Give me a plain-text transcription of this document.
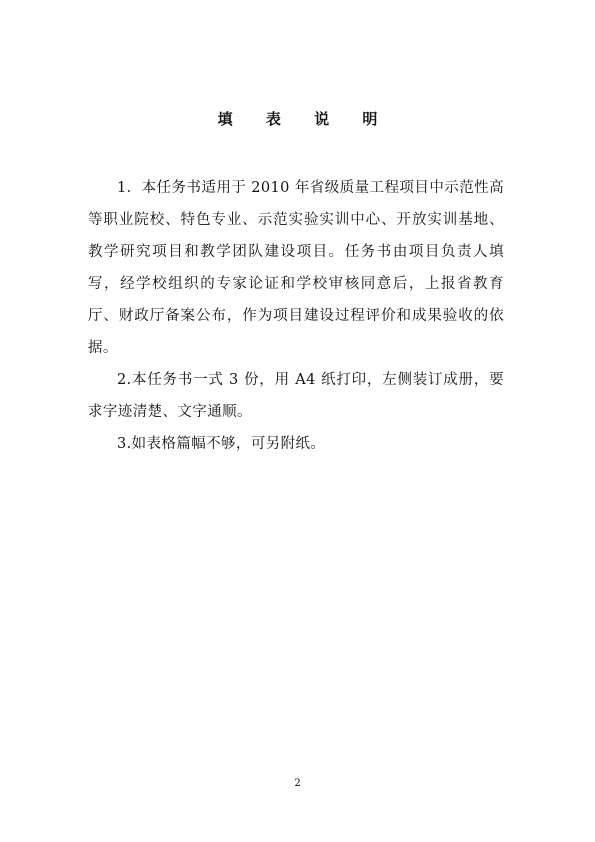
填 表 说 明

1．本任务书适用于 2010 年省级质量工程项目中示范性高等职业院校、特色专业、示范实验实训中心、开放实训基地、教学研究项目和教学团队建设项目。任务书由项目负责人填写，经学校组织的专家论证和学校审核同意后，上报省教育厅、财政厅备案公布，作为项目建设过程评价和成果验收的依据。

2.本任务书一式 3 份，用 A4 纸打印，左侧装订成册，要求字迹清楚、文字通顺。

3.如表格篇幅不够，可另附纸。

2
